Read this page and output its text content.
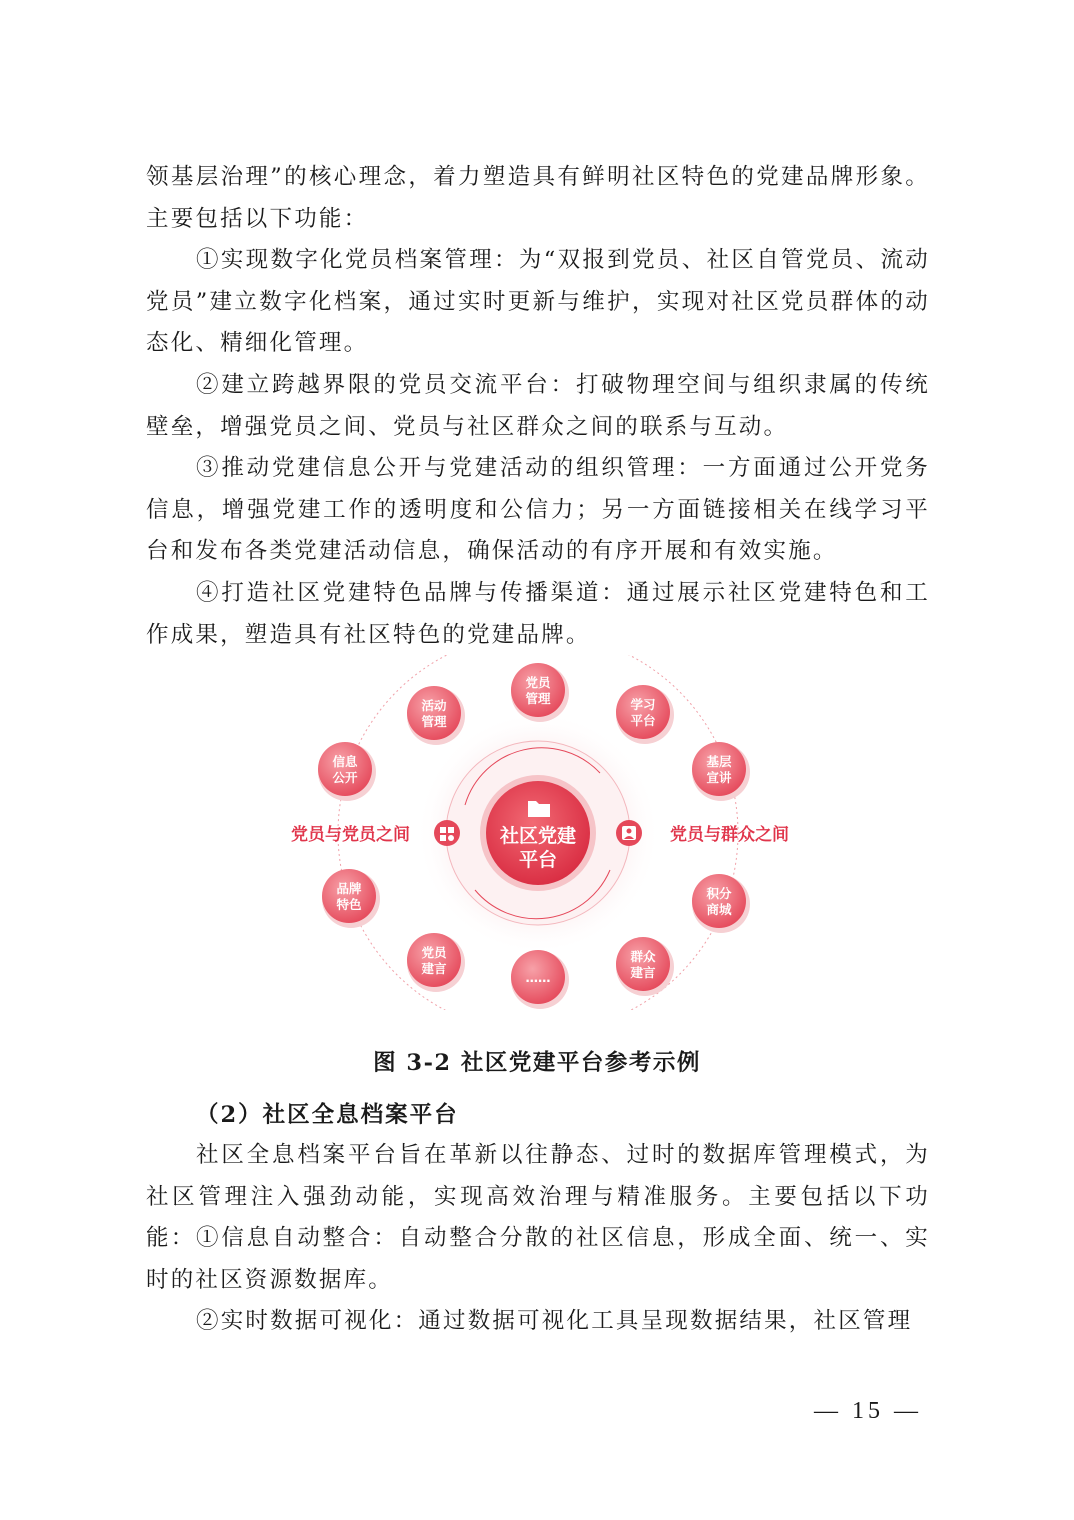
领基层治理”的核心理念，着力塑造具有鲜明社区特色的党建品牌形象。主要包括以下功能：

①实现数字化党员档案管理：为“双报到党员、社区自管党员、流动党员”建立数字化档案，通过实时更新与维护，实现对社区党员群体的动态化、精细化管理。

②建立跨越界限的党员交流平台：打破物理空间与组织隶属的传统壁垒，增强党员之间、党员与社区群众之间的联系与互动。

③推动党建信息公开与党建活动的组织管理：一方面通过公开党务信息，增强党建工作的透明度和公信力；另一方面链接相关在线学习平台和发布各类党建活动信息，确保活动的有序开展和有效实施。

④打造社区党建特色品牌与传播渠道：通过展示社区党建特色和工作成果，塑造具有社区特色的党建品牌。

社区党建
平台
党员与党员之间	党员与群众之间
党员
管理	学习
平台
基层
宣讲
积分
商城
群众
建言
……
党员
建言
品牌
特色
信息
公开
活动
管理
图 3-2 社区党建平台参考示例
（2）社区全息档案平台

社区全息档案平台旨在革新以往静态、过时的数据库管理模式，为社区管理注入强劲动能，实现高效治理与精准服务。主要包括以下功能： ①信息自动整合：自动整合分散的社区信息，形成全面、统一、实时的社区资源数据库。

②实时数据可视化：通过数据可视化工具呈现数据结果，社区管理

— 15 —
